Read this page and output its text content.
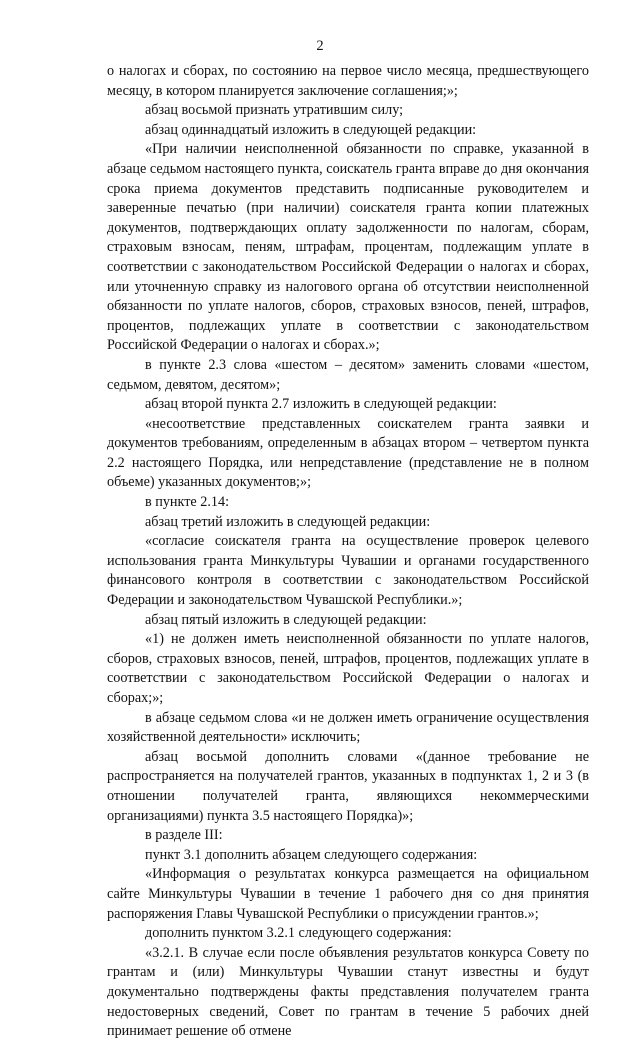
2

о налогах и сборах, по состоянию на первое число месяца, предшествующего месяцу, в котором планируется заключение соглашения;»;

абзац восьмой признать утратившим силу;

абзац одиннадцатый изложить в следующей редакции:

«При наличии неисполненной обязанности по справке, указанной в абзаце седьмом настоящего пункта, соискатель гранта вправе до дня окончания срока приема документов представить подписанные руководителем и заверенные печатью (при наличии) соискателя гранта копии платежных документов, подтверждающих оплату задолженности по налогам, сборам, страховым взносам, пеням, штрафам, процентам, подлежащим уплате в соответствии с законодательством Российской Федерации о налогах и сборах, или уточненную справку из налогового органа об отсутствии неисполненной обязанности по уплате налогов, сборов, страховых взносов, пеней, штрафов, процентов, подлежащих уплате в соответствии с законодательством Российской Федерации о налогах и сборах.»;

в пункте 2.3 слова «шестом – десятом» заменить словами «шестом, седьмом, девятом, десятом»;

абзац второй пункта 2.7 изложить в следующей редакции:

«несоответствие представленных соискателем гранта заявки и документов требованиям, определенным в абзацах втором – четвертом пункта 2.2 настоящего Порядка, или непредставление (представление не в полном объеме) указанных документов;»;

в пункте 2.14:

абзац третий изложить в следующей редакции:

«согласие соискателя гранта на осуществление проверок целевого использования гранта Минкультуры Чувашии и органами государственного финансового контроля в соответствии с законодательством Российской Федерации и законодательством Чувашской Республики.»;

абзац пятый изложить в следующей редакции:

«1) не должен иметь неисполненной обязанности по уплате налогов, сборов, страховых взносов, пеней, штрафов, процентов, подлежащих уплате в соответствии с законодательством Российской Федерации о налогах и сборах;»;

в абзаце седьмом слова «и не должен иметь ограничение осуществления хозяйственной деятельности» исключить;

абзац восьмой дополнить словами «(данное требование не распространяется на получателей грантов, указанных в подпунктах 1, 2 и 3 (в отношении получателей гранта, являющихся некоммерческими организациями) пункта 3.5 настоящего Порядка)»;

в разделе III:

пункт 3.1 дополнить абзацем следующего содержания:

«Информация о результатах конкурса размещается на официальном сайте Минкультуры Чувашии в течение 1 рабочего дня со дня принятия распоряжения Главы Чувашской Республики о присуждении грантов.»;

дополнить пунктом 3.2.1 следующего содержания:

«3.2.1. В случае если после объявления результатов конкурса Совету по грантам и (или) Минкультуры Чувашии станут известны и будут документально подтверждены факты представления получателем гранта недостоверных сведений, Совет по грантам в течение 5 рабочих дней принимает решение об отмене
